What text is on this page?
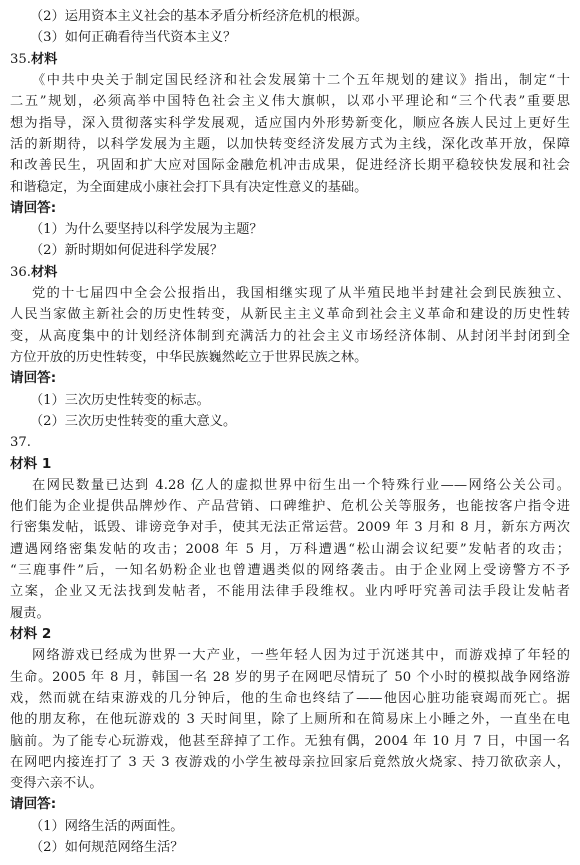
（2）运用资本主义社会的基本矛盾分析经济危机的根源。
（3）如何正确看待当代资本主义？
35.材料
《中共中央关于制定国民经济和社会发展第十二个五年规划的建议》指出，制定“十
二五”规划，必须高举中国特色社会主义伟大旗帜，以邓小平理论和“三个代表”重要思
想为指导，深入贯彻落实科学发展观，适应国内外形势新变化，顺应各族人民过上更好生
活的新期待，以科学发展为主题，以加快转变经济发展方式为主线，深化改革开放，保障
和改善民生，巩固和扩大应对国际金融危机冲击成果，促进经济长期平稳较快发展和社会
和谐稳定，为全面建成小康社会打下具有决定性意义的基础。
请回答:
（1）为什么要坚持以科学发展为主题？
（2）新时期如何促进科学发展？
36.材料
党的十七届四中全会公报指出，我国相继实现了从半殖民地半封建社会到民族独立、
人民当家做主新社会的历史性转变，从新民主主义革命到社会主义革命和建设的历史性转
变，从高度集中的计划经济体制到充满活力的社会主义市场经济体制、从封闭半封闭到全
方位开放的历史性转变，中华民族巍然屹立于世界民族之林。
请回答:
（1）三次历史性转变的标志。
（2）三次历史性转变的重大意义。
37.
材料 1
在网民数量已达到 4.28 亿人的虚拟世界中衍生出一个特殊行业——网络公关公司。
他们能为企业提供品牌炒作、产品营销、口碑维护、危机公关等服务，也能按客户指令进
行密集发帖，诋毁、诽谤竞争对手，使其无法正常运营。2009 年 3 月和 8 月，新东方两次
遭遇网络密集发帖的攻击；2008 年 5 月，万科遭遇“松山湖会议纪要”发帖者的攻击；
“三鹿事件”后，一知名奶粉企业也曾遭遇类似的网络袭击。由于企业网上受谤警方不予
立案，企业又无法找到发帖者，不能用法律手段维权。业内呼吁究善司法手段让发帖者
履责。
材料 2
网络游戏已经成为世界一大产业，一些年轻人因为过于沉迷其中，而游戏掉了年轻的
生命。2005 年 8 月，韩国一名 28 岁的男子在网吧尽情玩了 50 个小时的模拟战争网络游
戏，然而就在结束游戏的几分钟后，他的生命也终结了——他因心脏功能衰竭而死亡。据
他的朋友称，在他玩游戏的 3 天时间里，除了上厕所和在简易床上小睡之外，一直坐在电
脑前。为了能专心玩游戏，他甚至辞掉了工作。无独有偶，2004 年 10 月 7 日，中国一名
在网吧内接连打了 3 天 3 夜游戏的小学生被母亲拉回家后竟然放火烧家、持刀欲砍亲人，
变得六亲不认。
请回答:
（1）网络生活的两面性。
（2）如何规范网络生活？
